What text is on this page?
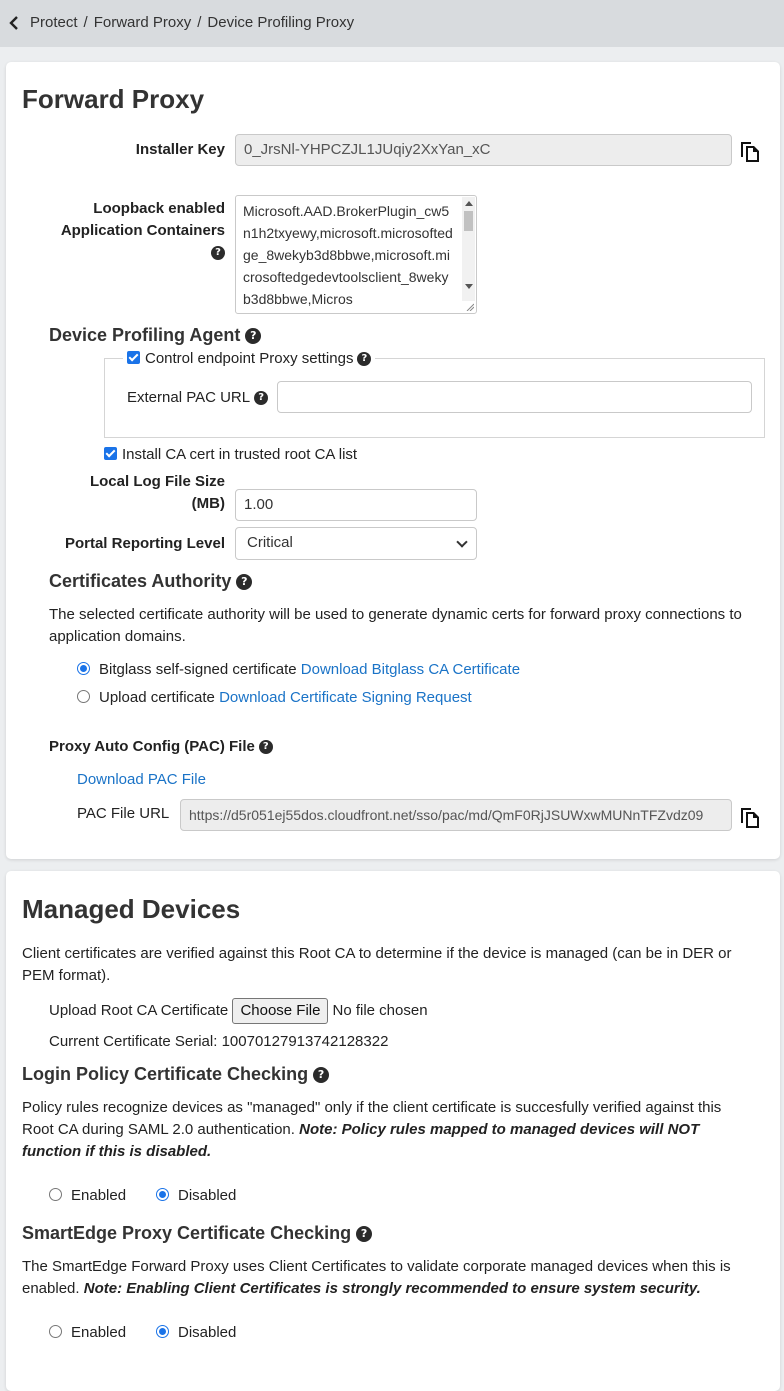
Protect / Forward Proxy / Device Profiling Proxy
Forward Proxy
Installer Key	0_JrsNl-YHPCZJL1JUqiy2XxYan_xC
Loopback enabled
Application Containers
?
Microsoft.AAD.BrokerPlugin_cw5n1h2txyewy,microsoft.microsoftedge_8wekyb3d8bbwe,microsoft.microsoftedgedevtoolsclient_8wekyb3d8bbwe,Micros
Device Profiling Agent ?
Control endpoint Proxy settings ?
External PAC URL ?
Install CA cert in trusted root CA list
Local Log File Size
(MB)	1.00
Portal Reporting Level	Critical
Certificates Authority ?
The selected certificate authority will be used to generate dynamic certs for forward proxy connections to
application domains.
Bitglass self-signed certificate Download Bitglass CA Certificate
Upload certificate Download Certificate Signing Request
Proxy Auto Config (PAC) File ?
Download PAC File
PAC File URL	https://d5r051ej55dos.cloudfront.net/sso/pac/md/QmF0RjJSUWxwMUNnTFZvdz09
Managed Devices
Client certificates are verified against this Root CA to determine if the device is managed (can be in DER or
PEM format).
Upload Root CA Certificate Choose File No file chosen
Current Certificate Serial: 10070127913742128322
Login Policy Certificate Checking ?
Policy rules recognize devices as "managed" only if the client certificate is succesfully verified against this
Root CA during SAML 2.0 authentication. Note: Policy rules mapped to managed devices will NOT
function if this is disabled.
Enabled	Disabled
SmartEdge Proxy Certificate Checking ?
The SmartEdge Forward Proxy uses Client Certificates to validate corporate managed devices when this is
enabled. Note: Enabling Client Certificates is strongly recommended to ensure system security.
Enabled	Disabled
